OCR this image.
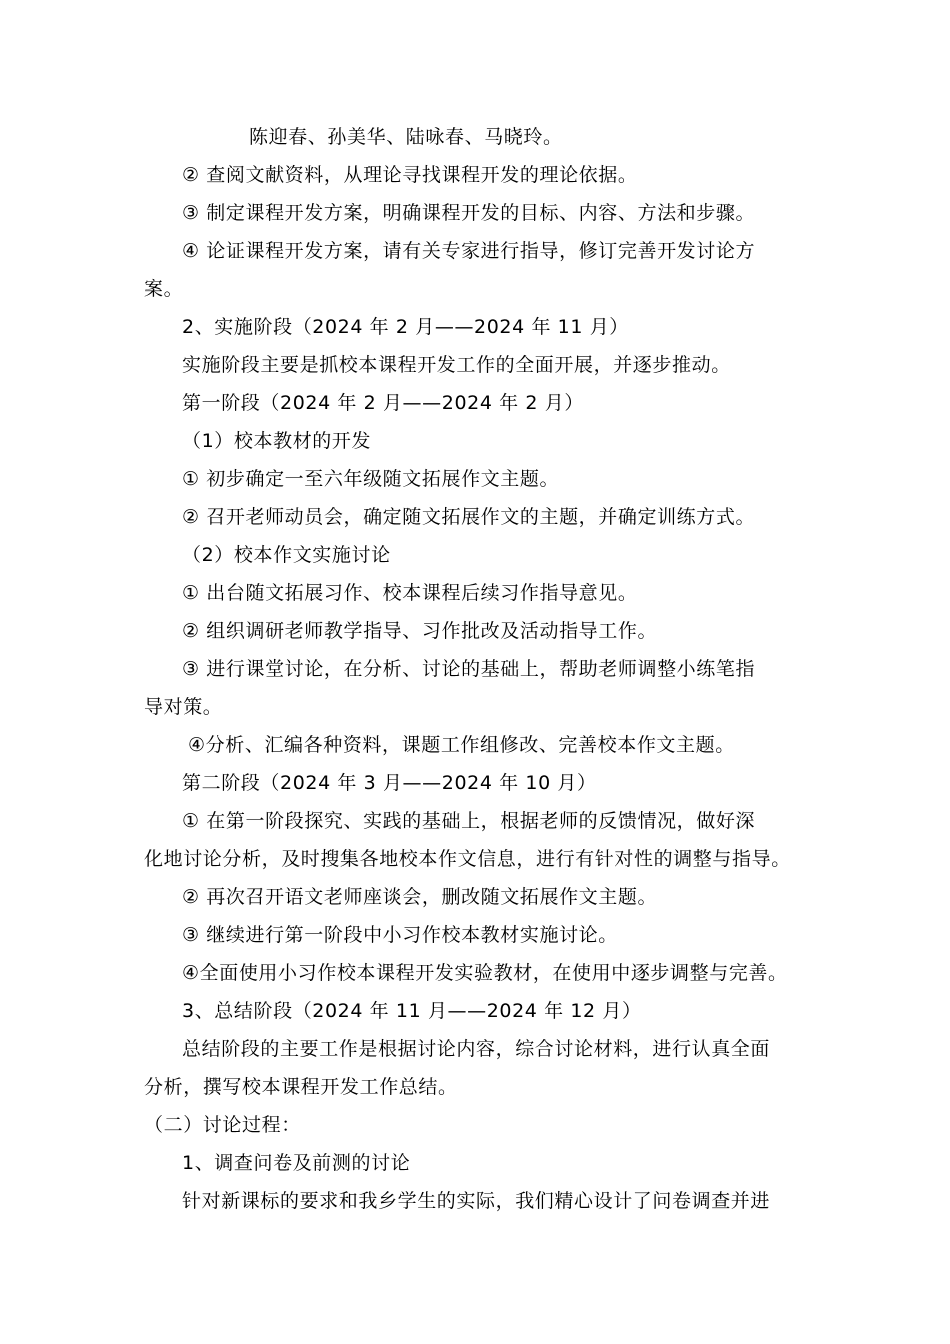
陈迎春、孙美华、陆咏春、马晓玲。
② 查阅文献资料，从理论寻找课程开发的理论依据。
③ 制定课程开发方案，明确课程开发的目标、内容、方法和步骤。
④ 论证课程开发方案，请有关专家进行指导，修订完善开发讨论方
案。
2、实施阶段（2024 年 2 月——2024 年 11 月）
实施阶段主要是抓校本课程开发工作的全面开展，并逐步推动。
第一阶段（2024 年 2 月——2024 年 2 月）
（1）校本教材的开发
① 初步确定一至六年级随文拓展作文主题。
② 召开老师动员会，确定随文拓展作文的主题，并确定训练方式。
（2）校本作文实施讨论
① 出台随文拓展习作、校本课程后续习作指导意见。
② 组织调研老师教学指导、习作批改及活动指导工作。
③ 进行课堂讨论，在分析、讨论的基础上，帮助老师调整小练笔指
导对策。
④分析、汇编各种资料，课题工作组修改、完善校本作文主题。
第二阶段（2024 年 3 月——2024 年 10 月）
① 在第一阶段探究、实践的基础上，根据老师的反馈情况，做好深
化地讨论分析，及时搜集各地校本作文信息，进行有针对性的调整与指导。
② 再次召开语文老师座谈会，删改随文拓展作文主题。
③ 继续进行第一阶段中小习作校本教材实施讨论。
④全面使用小习作校本课程开发实验教材，在使用中逐步调整与完善。
3、总结阶段（2024 年 11 月——2024 年 12 月）
总结阶段的主要工作是根据讨论内容，综合讨论材料，进行认真全面
分析，撰写校本课程开发工作总结。
（二）讨论过程：
1、调查问卷及前测的讨论
针对新课标的要求和我乡学生的实际，我们精心设计了问卷调查并进
